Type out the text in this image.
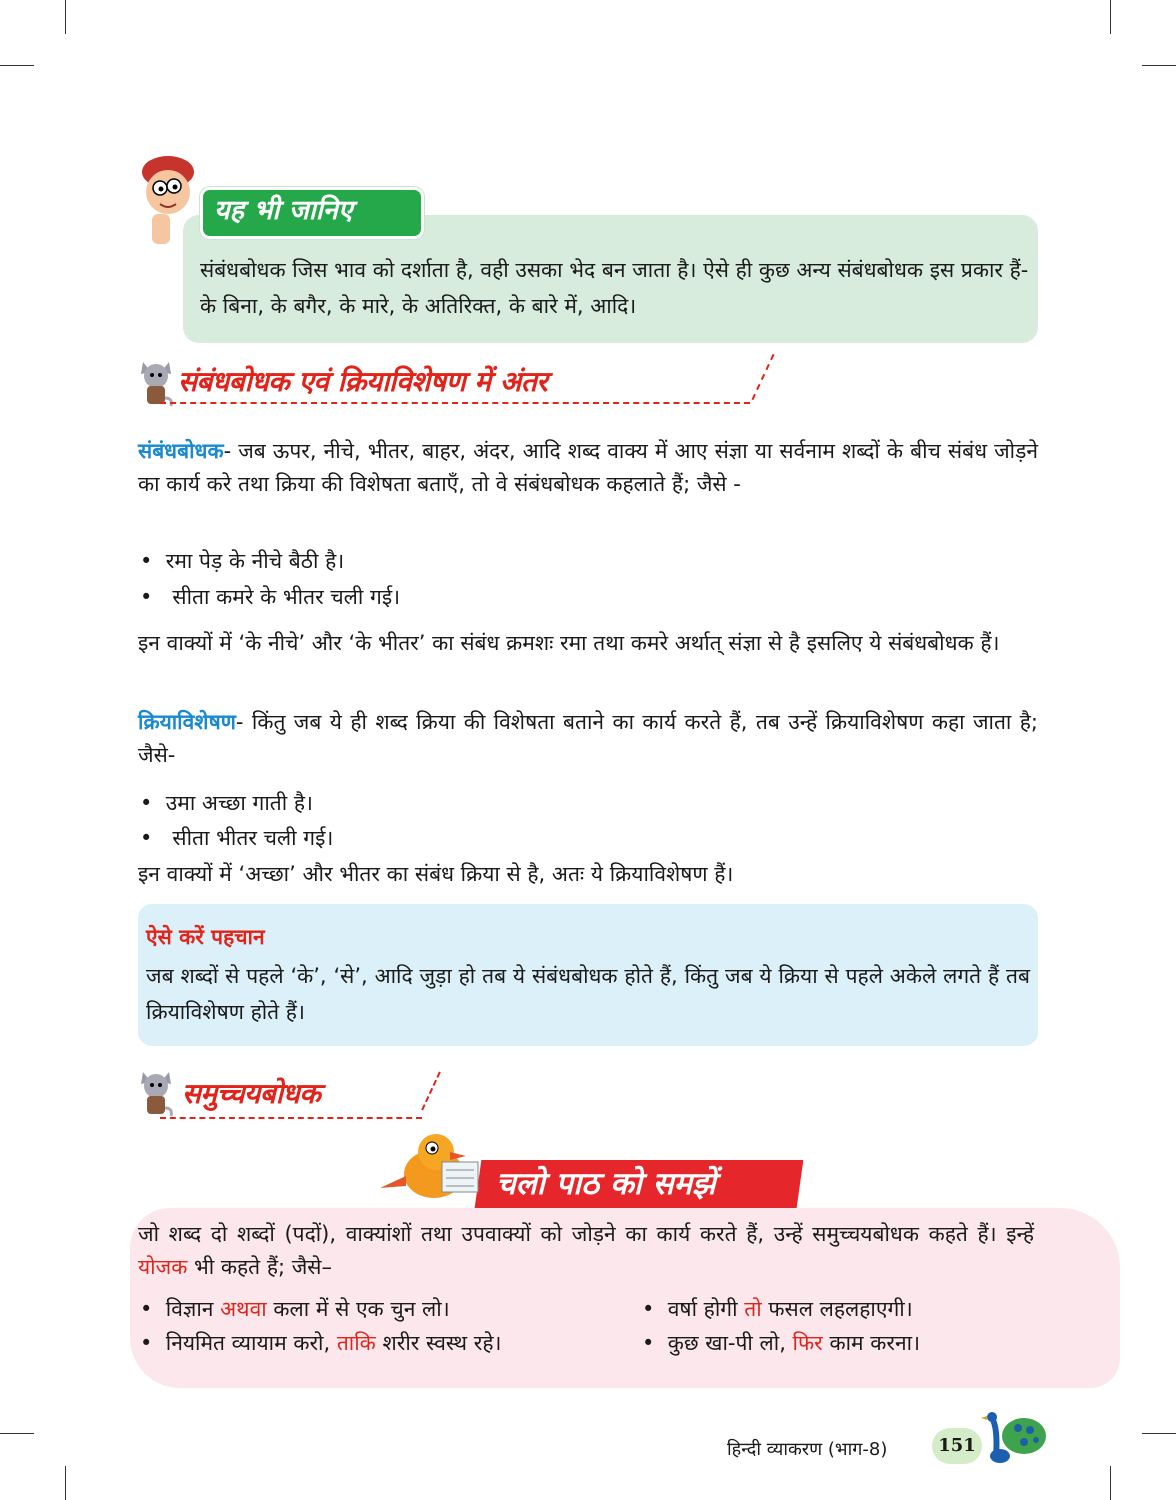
यह भी जानिए
संबंधबोधक जिस भाव को दर्शाता है, वही उसका भेद बन जाता है। ऐसे ही कुछ अन्य संबंधबोधक इस प्रकार हैं- के बिना, के बगैर, के मारे, के अतिरिक्त, के बारे में, आदि।
संबंधबोधक एवं क्रियाविशेषण में अंतर
संबंधबोधक- जब ऊपर, नीचे, भीतर, बाहर, अंदर, आदि शब्द वाक्य में आए संज्ञा या सर्वनाम शब्दों के बीच संबंध जोड़ने का कार्य करे तथा क्रिया की विशेषता बताएँ, तो वे संबंधबोधक कहलाते हैं; जैसे -
•  रमा पेड़ के नीचे बैठी है।
•   सीता कमरे के भीतर चली गई।
इन वाक्यों में ‘के नीचे’ और ‘के भीतर’ का संबंध क्रमशः रमा तथा कमरे अर्थात् संज्ञा से है इसलिए ये संबंधबोधक हैं।
क्रियाविशेषण- किंतु जब ये ही शब्द क्रिया की विशेषता बताने का कार्य करते हैं, तब उन्हें क्रियाविशेषण कहा जाता है; जैसे-
•  उमा अच्छा गाती है।
•   सीता भीतर चली गई।
इन वाक्यों में ‘अच्छा’ और भीतर का संबंध क्रिया से है, अतः ये क्रियाविशेषण हैं।
ऐसे करें पहचान
जब शब्दों से पहले ‘के’, ‘से’, आदि जुड़ा हो तब ये संबंधबोधक होते हैं, किंतु जब ये क्रिया से पहले अकेले लगते हैं तब क्रियाविशेषण होते हैं।
समुच्चयबोधक
चलो पाठ को समझें
जो शब्द दो शब्दों (पदों), वाक्यांशों तथा उपवाक्यों को जोड़ने का कार्य करते हैं, उन्हें समुच्चयबोधक कहते हैं। इन्हें योजक भी कहते हैं; जैसे–
•  विज्ञान अथवा कला में से एक चुन लो।	•  वर्षा होगी तो फसल लहलहाएगी।
•  नियमित व्यायाम करो, ताकि शरीर स्वस्थ रहे।	•  कुछ खा-पी लो, फिर काम करना।
हिन्दी व्याकरण (भाग-8)	151
